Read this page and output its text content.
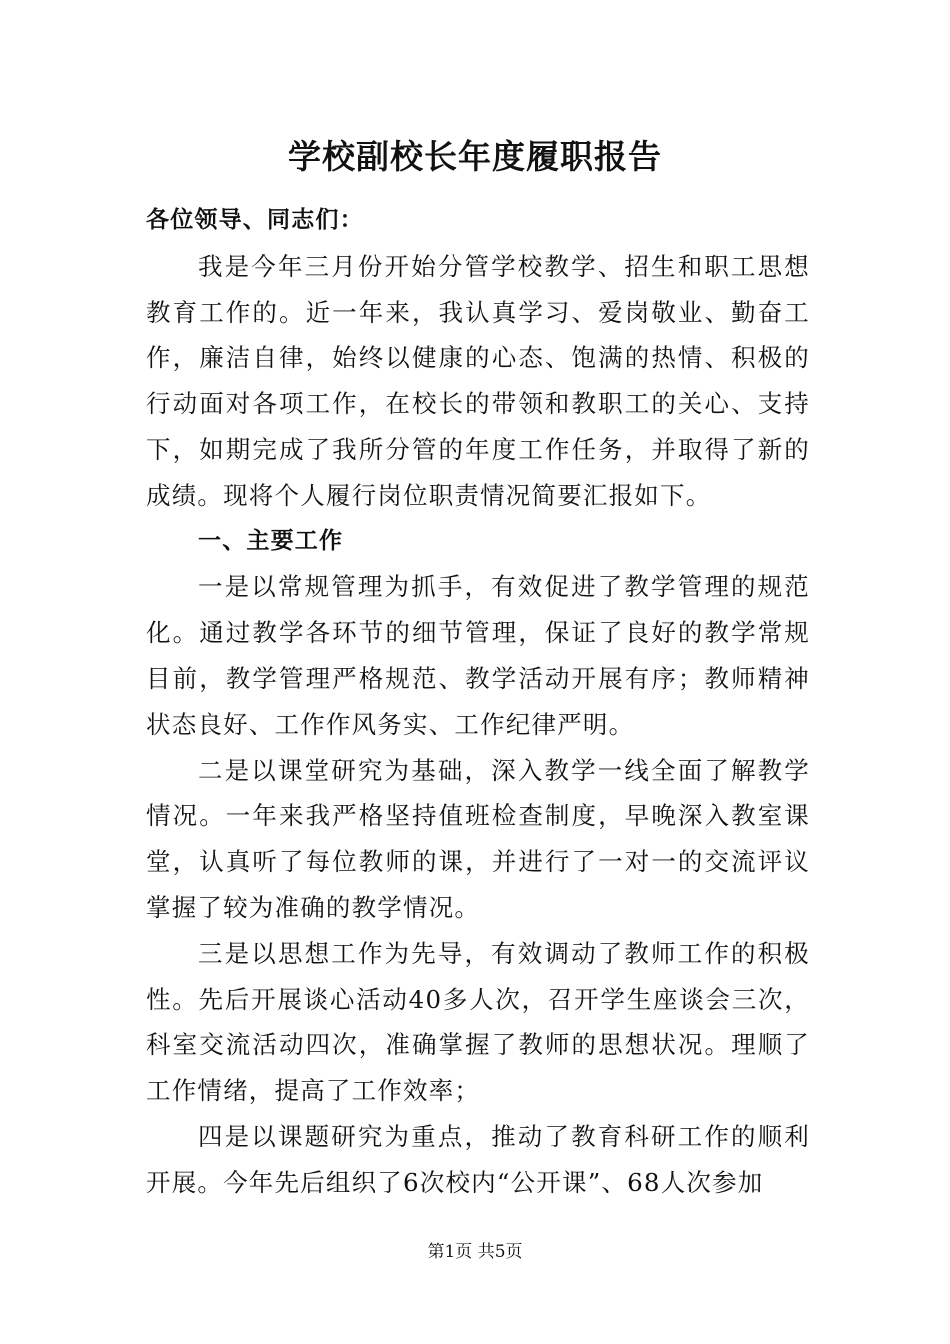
学校副校长年度履职报告

各位领导、同志们：

我是今年三月份开始分管学校教学、招生和职工思想教育工作的。近一年来，我认真学习、爱岗敬业、勤奋工作，廉洁自律，始终以健康的心态、饱满的热情、积极的行动面对各项工作，在校长的带领和教职工的关心、支持下，如期完成了我所分管的年度工作任务，并取得了新的成绩。现将个人履行岗位职责情况简要汇报如下。

一、主要工作

一是以常规管理为抓手，有效促进了教学管理的规范化。通过教学各环节的细节管理，保证了良好的教学常规目前，教学管理严格规范、教学活动开展有序；教师精神状态良好、工作作风务实、工作纪律严明。

二是以课堂研究为基础，深入教学一线全面了解教学情况。一年来我严格坚持值班检查制度，早晚深入教室课堂，认真听了每位教师的课，并进行了一对一的交流评议掌握了较为准确的教学情况。

三是以思想工作为先导，有效调动了教师工作的积极性。先后开展谈心活动40多人次，召开学生座谈会三次，科室交流活动四次，准确掌握了教师的思想状况。理顺了工作情绪，提高了工作效率；

四是以课题研究为重点，推动了教育科研工作的顺利开展。今年先后组织了6次校内“公开课”、68人次参加

第1页 共5页
